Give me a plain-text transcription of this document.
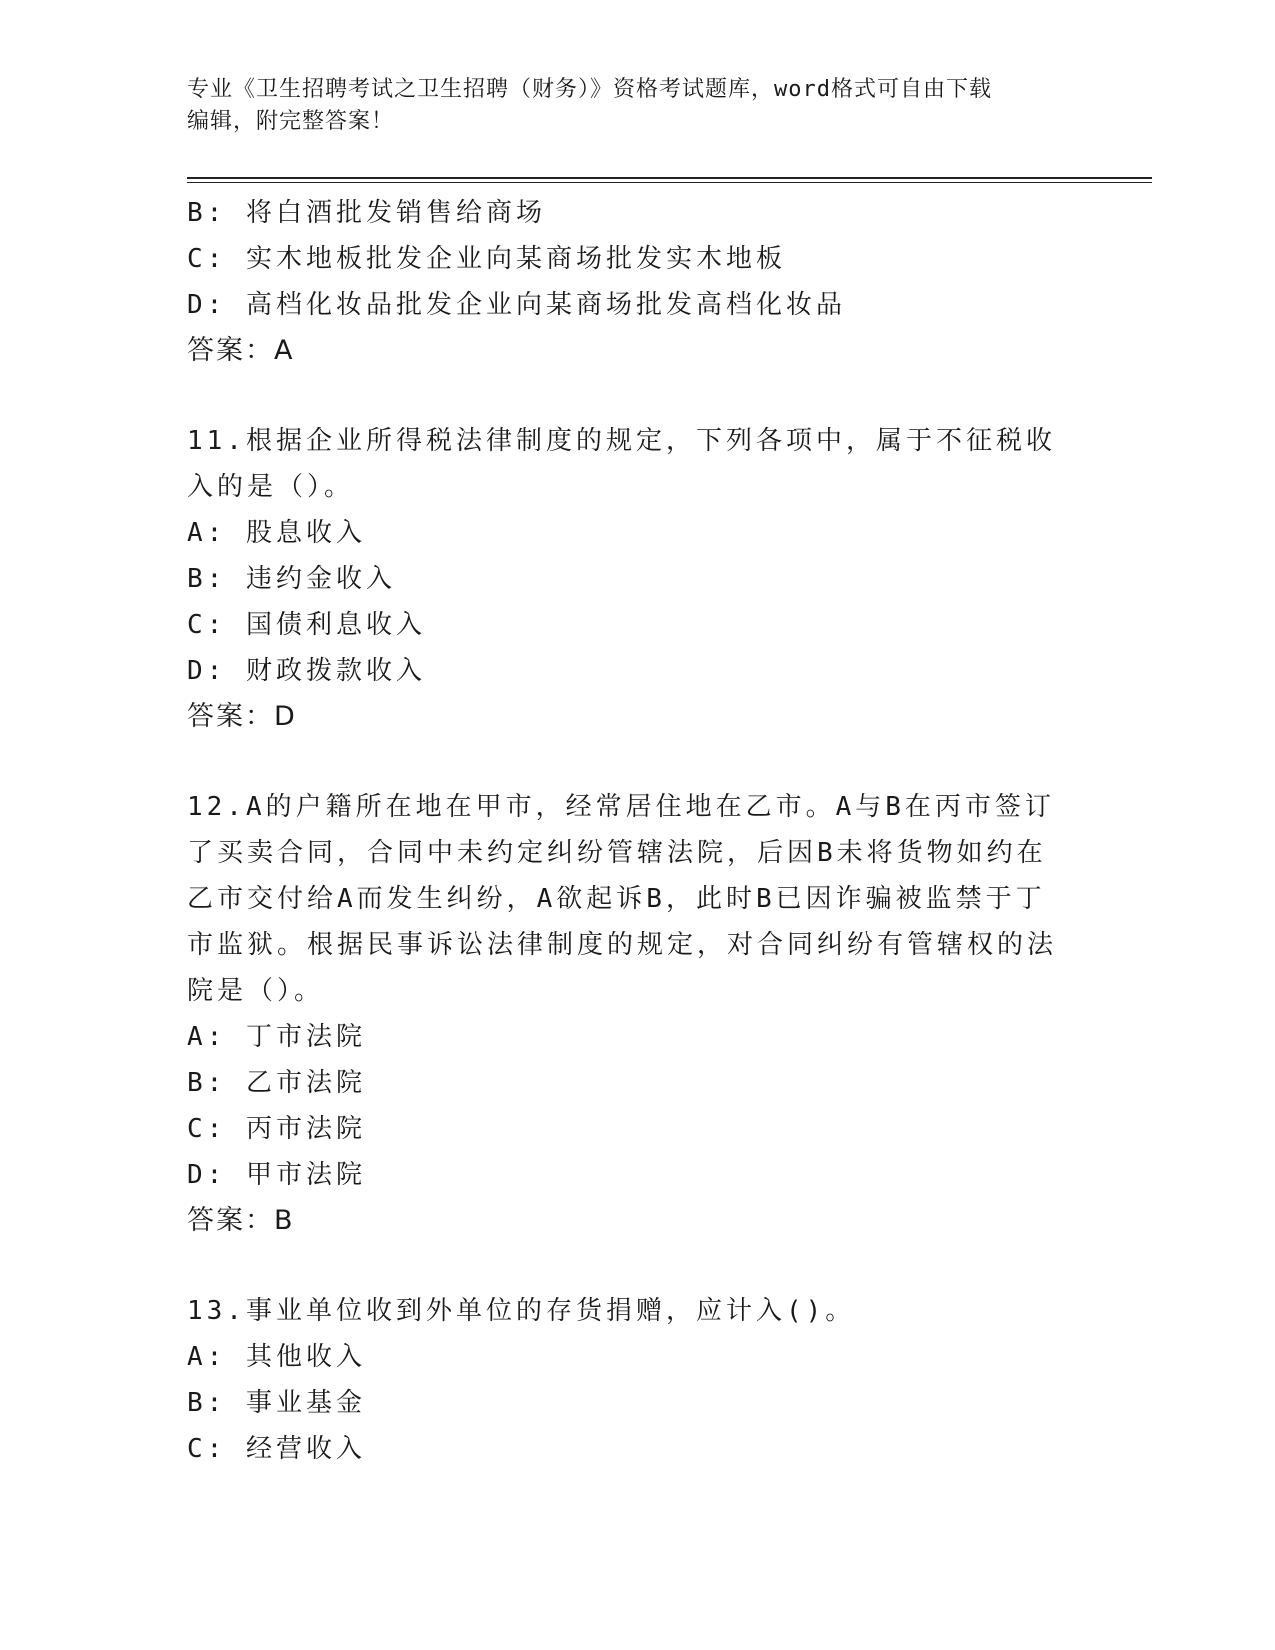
专业《卫生招聘考试之卫生招聘（财务）》资格考试题库，word格式可自由下载
编辑，附完整答案！
B: 将白酒批发销售给商场
C: 实木地板批发企业向某商场批发实木地板
D: 高档化妆品批发企业向某商场批发高档化妆品
答案：A
11.根据企业所得税法律制度的规定，下列各项中，属于不征税收入的是（）。
A: 股息收入
B: 违约金收入
C: 国债利息收入
D: 财政拨款收入
答案：D
12.A的户籍所在地在甲市，经常居住地在乙市。A与B在丙市签订了买卖合同，合同中未约定纠纷管辖法院，后因B未将货物如约在乙市交付给A而发生纠纷，A欲起诉B，此时B已因诈骗被监禁于丁市监狱。根据民事诉讼法律制度的规定，对合同纠纷有管辖权的法院是（）。
A: 丁市法院
B: 乙市法院
C: 丙市法院
D: 甲市法院
答案：B
13.事业单位收到外单位的存货捐赠，应计入()。
A: 其他收入
B: 事业基金
C: 经营收入
